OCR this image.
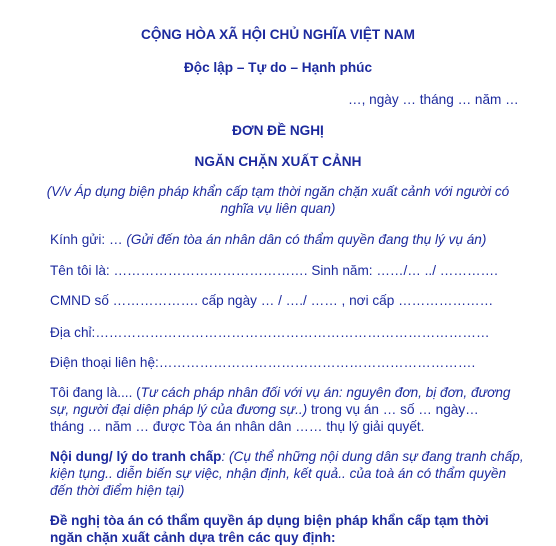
CỘNG HÒA XÃ HỘI CHỦ NGHĨA VIỆT NAM
Độc lập – Tự do – Hạnh phúc
…, ngày … tháng … năm …
ĐƠN ĐỀ NGHỊ
NGĂN CHẶN XUẤT CẢNH
(V/v Áp dụng biện pháp khẩn cấp tạm thời ngăn chặn xuất cảnh với người có
nghĩa vụ liên quan)
Kính gửi: … (Gửi đến tòa án nhân dân có thẩm quyền đang thụ lý vụ án)
Tên tôi là: ……………………………………. Sinh năm: ……/… ../ ………….
CMND số ………………. cấp ngày … / …./ …… , nơi cấp …………………
Địa chỉ:……………………………………………………………………………
Điện thoại liên hệ:…………………………………………………………….
Tôi đang là.... (Tư cách pháp nhân đối với vụ án: nguyên đơn, bị đơn, đương
sự, người đại diện pháp lý của đương sự..) trong vụ án … số … ngày…
tháng … năm … được Tòa án nhân dân …… thụ lý giải quyết.
Nội dung/ lý do tranh chấp: (Cụ thể những nội dung dân sự đang tranh chấp,
kiện tụng.. diễn biến sự việc, nhận định, kết quả.. của toà án có thẩm quyền
đến thời điểm hiện tại)
Đề nghị tòa án có thẩm quyền áp dụng biện pháp khẩn cấp tạm thời
ngăn chặn xuất cảnh dựa trên các quy định:
